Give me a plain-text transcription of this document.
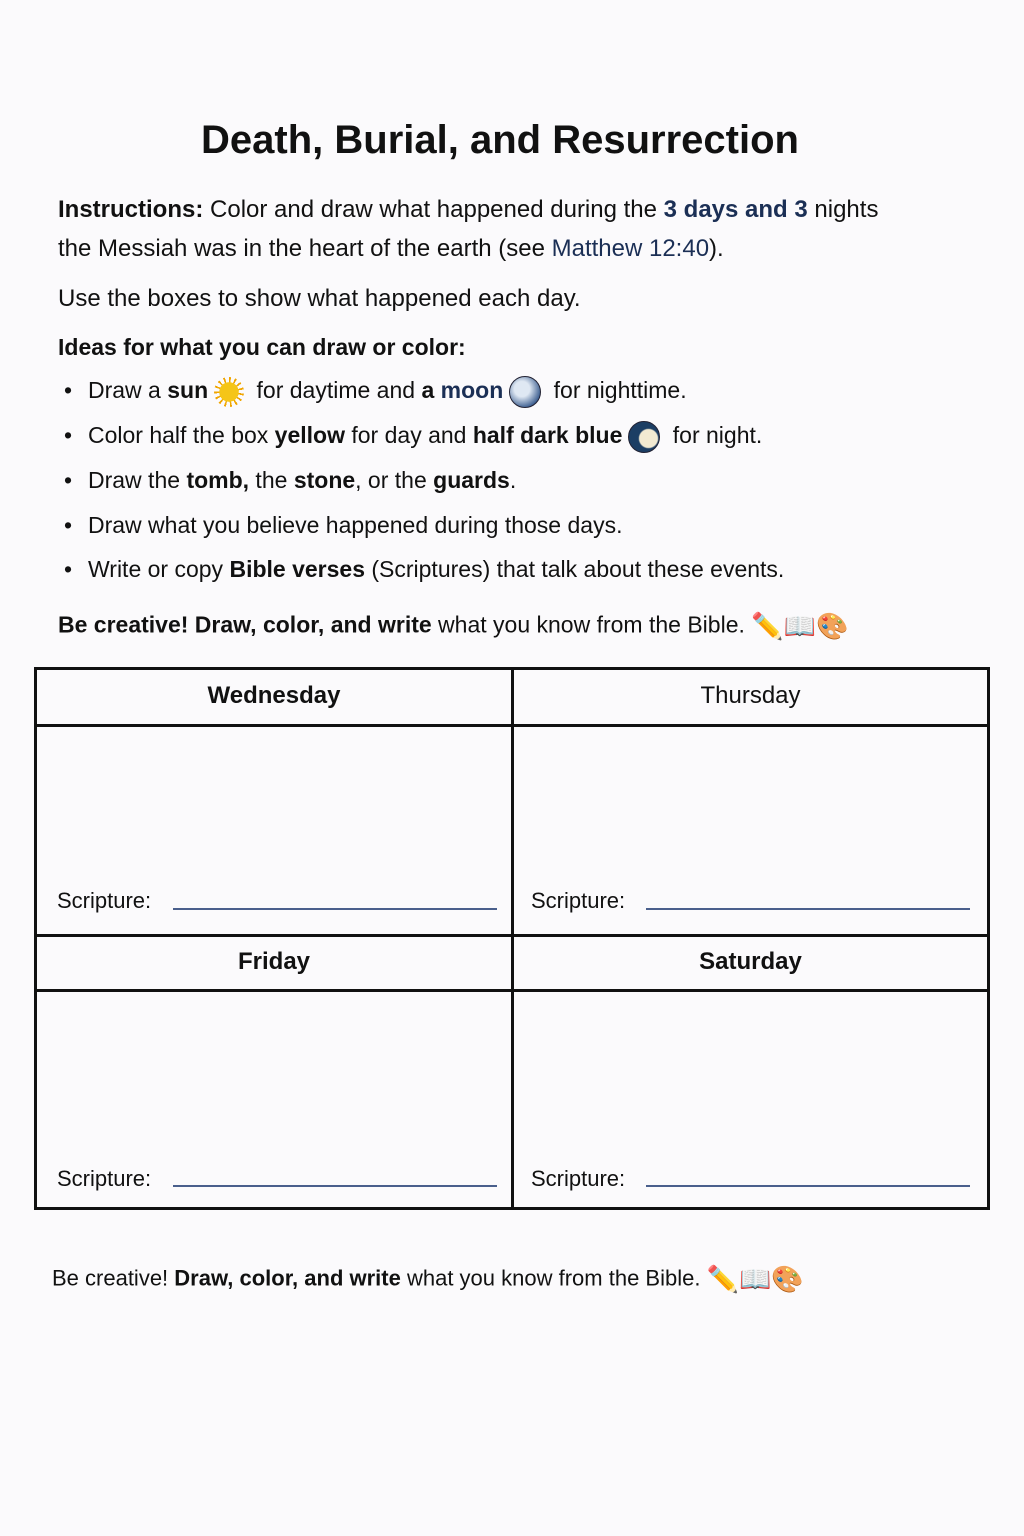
Death, Burial, and Resurrection
Instructions: Color and draw what happened during the 3 days and 3 nights
the Messiah was in the heart of the earth (see Matthew 12:40).
Use the boxes to show what happened each day.
Ideas for what you can draw or color:
• Draw a sun for daytime and a moon for nighttime.
• Color half the box yellow for day and half dark blue for night.
• Draw the tomb, the stone, or the guards.
• Draw what you believe happened during those days.
• Write or copy Bible verses (Scriptures) that talk about these events.
Be creative! Draw, color, and write what you know from the Bible. ✏️📖🎨
Wednesday
Scripture:
Thursday
Scripture:
Friday
Scripture:
Saturday
Scripture:
Be creative! Draw, color, and write what you know from the Bible. ✏️📖🎨
